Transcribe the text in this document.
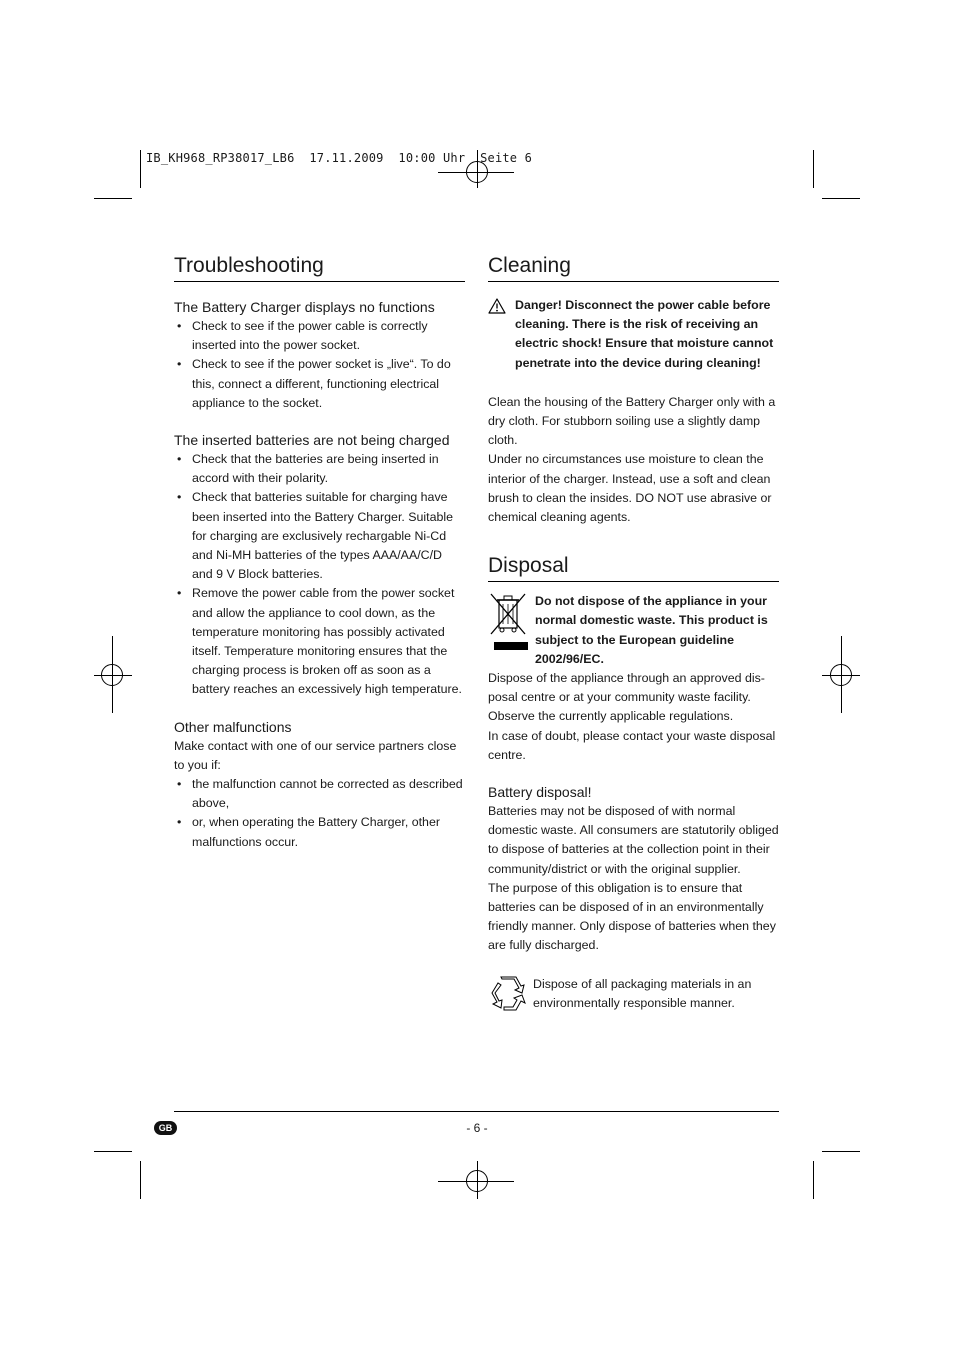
IB_KH968_RP38017_LB6  17.11.2009  10:00 Uhr  Seite 6
Troubleshooting
The Battery Charger displays no functions
• Check to see if the power cable is correctly inserted into the power socket.
• Check to see if the power socket is „live“. To do this, connect a different, functioning electrical appliance to the socket.
The inserted batteries are not being charged
• Check that the batteries are being inserted in accord with their polarity.
• Check that batteries suitable for charging have been inserted into the Battery Charger. Suitable for charging are exclusively rechargable Ni-Cd and Ni-MH batteries of the types AAA/AA/C/D and 9 V Block batteries.
• Remove the power cable from the power socket and allow the appliance to cool down, as the temperature monitoring has possibly activated itself. Temperature monitoring ensures that the charging process is broken off as soon as a battery reaches an excessively high temperature.
Other malfunctions

Make contact with one of our service partners close to you if:

• the malfunction cannot be corrected as described above,
• or, when operating the Battery Charger, other malfunctions occur.
Cleaning
Danger! Disconnect the power cable before cleaning. There is the risk of receiving an electric shock! Ensure that moisture cannot penetrate into the device during cleaning!

Clean the housing of the Battery Charger only with a dry cloth. For stubborn soiling use a slightly damp cloth.

Under no circumstances use moisture to clean the interior of the charger. Instead, use a soft and clean brush to clean the insides. DO NOT use abrasive or chemical cleaning agents.

Disposal
Do not dispose of the appliance in your normal domestic waste. This product is subject to the European guideline 2002/96/EC.

Dispose of the appliance through an approved dis-posal centre or at your community waste facility. Observe the currently applicable regulations.

In case of doubt, please contact your waste disposal centre.

Battery disposal!

Batteries may not be disposed of with normal domestic waste. All consumers are statutorily obliged to dispose of batteries at the collection point in their community/district or with the original supplier.

The purpose of this obligation is to ensure that batteries can be disposed of in an environmentally friendly manner. Only dispose of batteries when they are fully discharged.

Dispose of all packaging materials in an environmentally responsible manner.
GB	- 6 -
